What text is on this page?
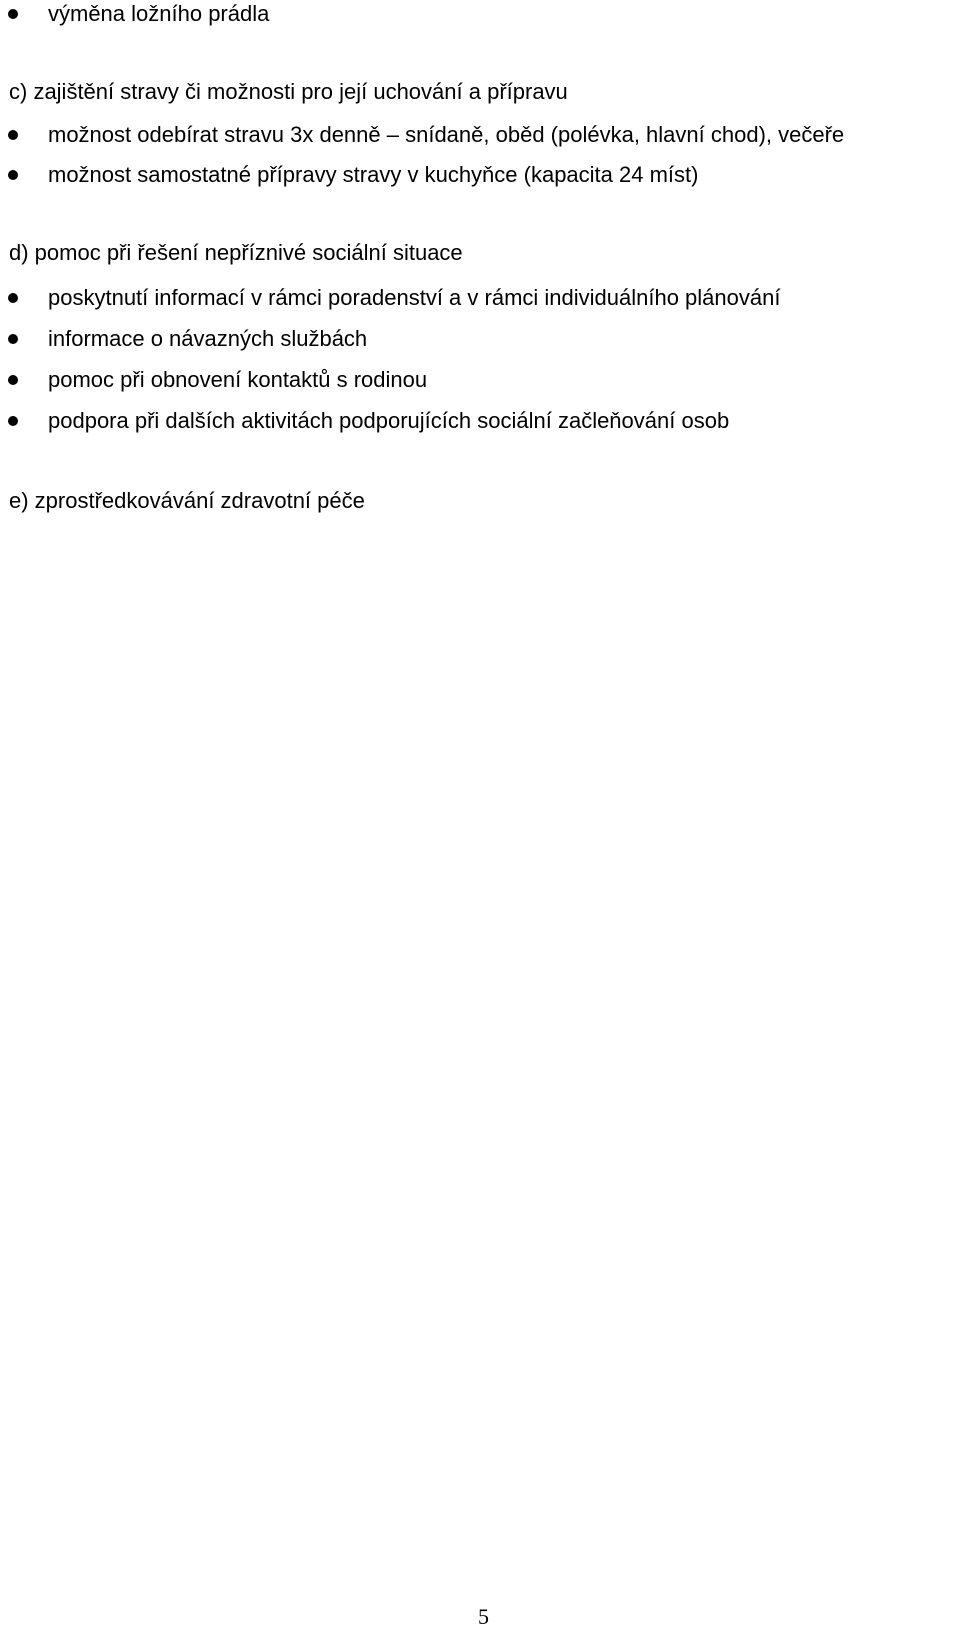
výměna ložního prádla
c) zajištění stravy či možnosti pro její uchování a přípravu
možnost odebírat stravu 3x denně – snídaně, oběd (polévka, hlavní chod), večeře
možnost samostatné přípravy stravy v kuchyňce (kapacita 24 míst)
d) pomoc při řešení nepříznivé sociální situace
poskytnutí informací v rámci poradenství a v rámci individuálního plánování
informace o návazných službách
pomoc při obnovení kontaktů s rodinou
podpora při dalších aktivitách podporujících sociální začleňování osob
e) zprostředkovávání zdravotní péče
5
